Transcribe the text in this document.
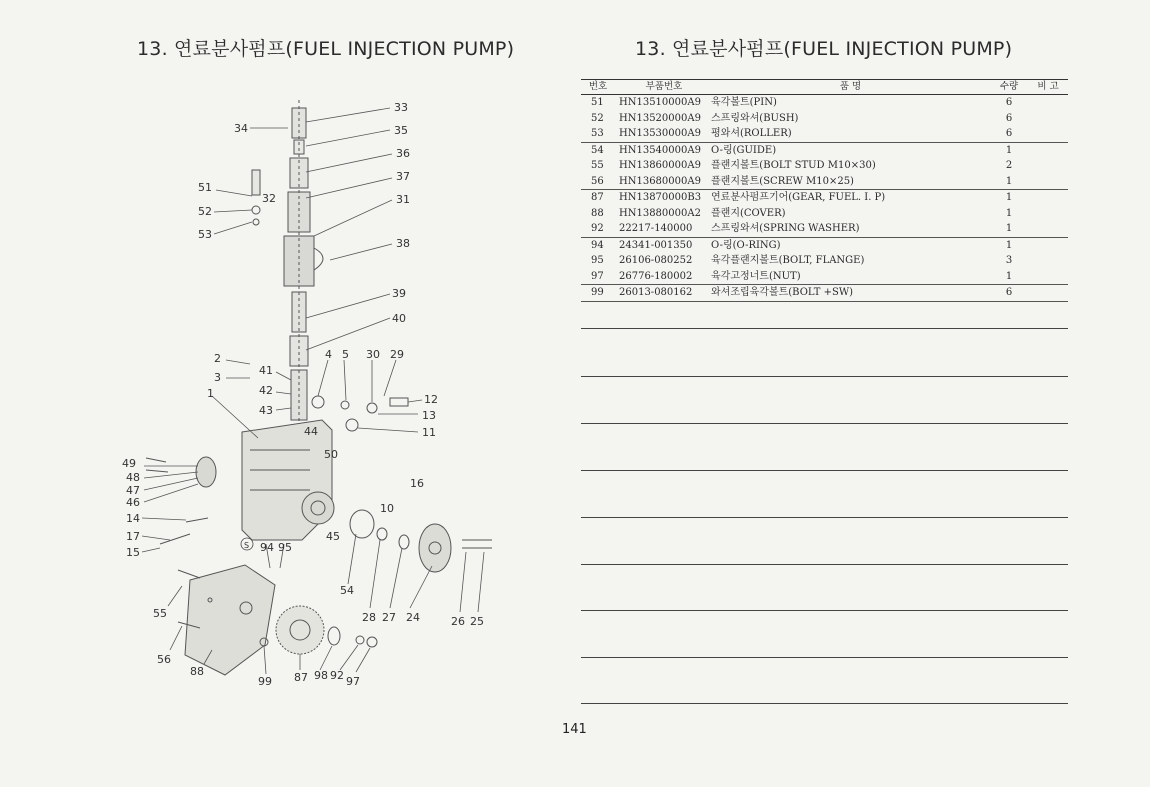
13. 연료분사펌프(FUEL INJECTION PUMP)
33
34	35
36
37
51
32	31
52
53
38
39
40
2	4 5 30 29
41
3
42
12
1
43	13
11
44
50
49
48
47
46
16
10
14
17
15
S 94 95
45
54
55	28 27 24	26 25
56
88
99 87 98 92 97
13. 연료분사펌프(FUEL INJECTION PUMP)
번호	부품번호	품 명	수량	비 고
51	HN13510000A9	육각볼트(PIN)	6
52	HN13520000A9	스프링와셔(BUSH)	6
53	HN13530000A9	평와셔(ROLLER)	6
54	HN13540000A9	O-링(GUIDE)	1
55	HN13860000A9	플랜지볼트(BOLT STUD M10×30)	2
56	HN13680000A9	플랜지볼트(SCREW M10×25)	1
87	HN13870000B3 연료분사펌프기어(GEAR, FUEL. I. P)	1
88	HN13880000A2	플랜지(COVER)	1
92	22217-140000	스프링와셔(SPRING WASHER)	1
94	24341-001350	O-링(O-RING)	1
95	26106-080252	육각플랜지볼트(BOLT, FLANGE)	3
97	26776-180002	육각고정너트(NUT)	1
99	26013-080162	와셔조립육각볼트(BOLT +SW)	6
141
